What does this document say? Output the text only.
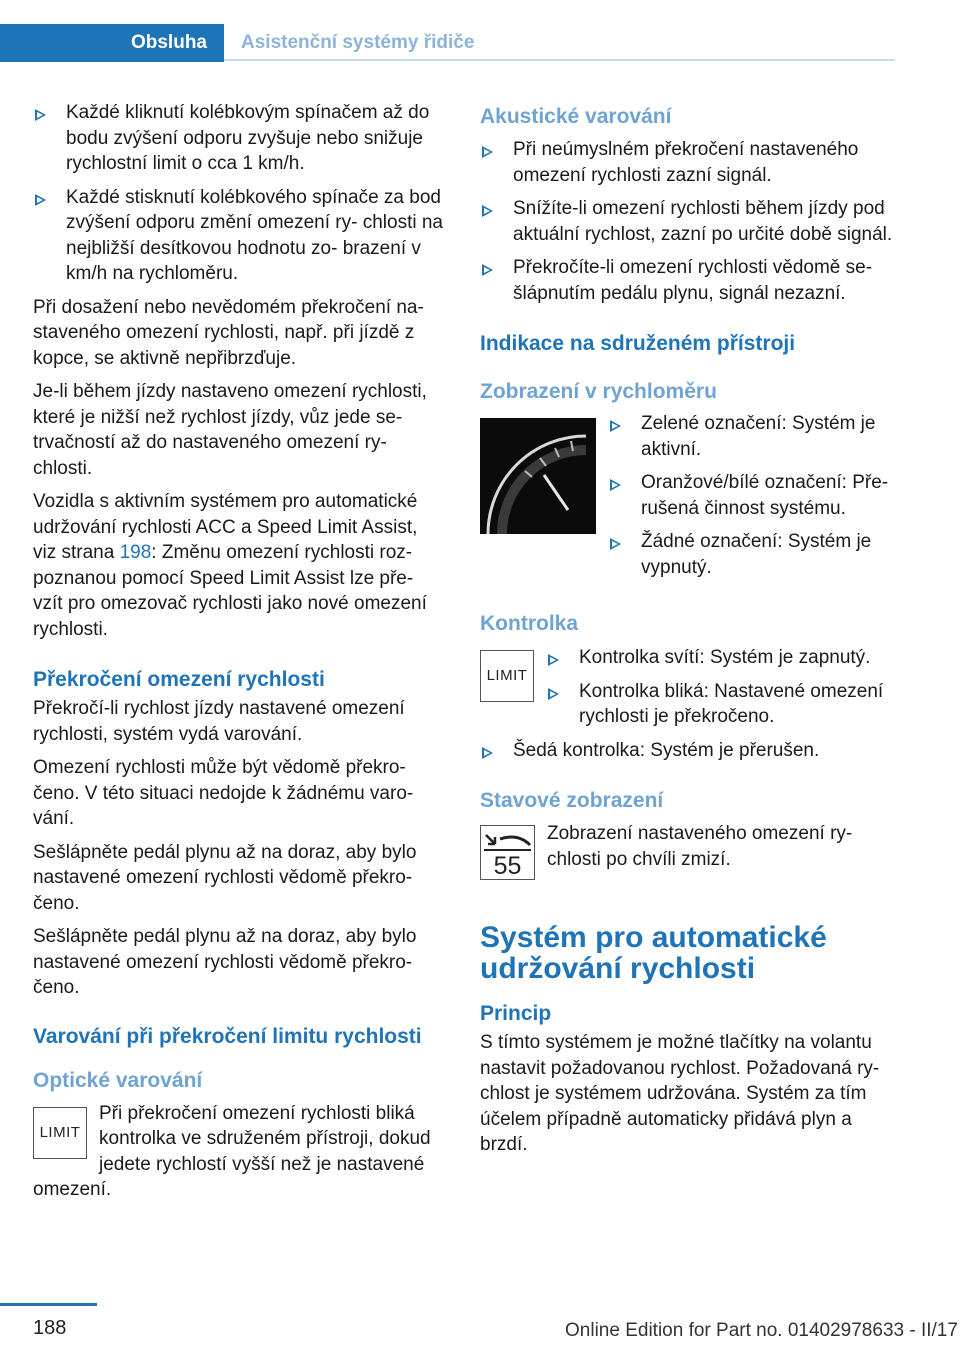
Obsluha Asistenční systémy řidiče
Každé kliknutí kolébkovým spínačem až do bodu zvýšení odporu zvyšuje nebo snižuje rychlostní limit o cca 1 km/h.
Každé stisknutí kolébkového spínače za bod zvýšení odporu změní omezení ry- chlosti na nejbližší desítkovou hodnotu zo- brazení v km/h na rychloměru.

Při dosažení nebo nevědomém překročení na- staveného omezení rychlosti, např. při jízdě z kopce, se aktivně nepřibrzďuje.

Je-li během jízdy nastaveno omezení rychlosti, které je nižší než rychlost jízdy, vůz jede se- trvačností až do nastaveného omezení ry- chlosti.

Vozidla s aktivním systémem pro automatické udržování rychlosti ACC a Speed Limit Assist, viz strana 198: Změnu omezení rychlosti roz- poznanou pomocí Speed Limit Assist lze pře- vzít pro omezovač rychlosti jako nové omezení rychlosti.

Překročení omezení rychlosti

Překročí-li rychlost jízdy nastavené omezení rychlosti, systém vydá varování.

Omezení rychlosti může být vědomě překro- čeno. V této situaci nedojde k žádnému varo- vání.

Sešlápněte pedál plynu až na doraz, aby bylo nastavené omezení rychlosti vědomě překro- čeno.

Sešlápněte pedál plynu až na doraz, aby bylo nastavené omezení rychlosti vědomě překro- čeno.

Varování při překročení limitu rychlosti
Optické varování
LIMIT
Při překročení omezení rychlosti bliká kontrolka ve sdruženém přístroji, dokud jedete rychlostí vyšší než je nastavené omezení.
Akustické varování
Při neúmyslném překročení nastaveného omezení rychlosti zazní signál.
Snížíte-li omezení rychlosti během jízdy pod aktuální rychlost, zazní po určité době signál.
Překročíte-li omezení rychlosti vědomě se- šlápnutím pedálu plynu, signál nezazní.
Indikace na sdruženém přístroji
Zobrazení v rychloměru
Zelené označení: Systém je aktivní.
Oranžové/bílé označení: Pře- rušená činnost systému.
Žádné označení: Systém je vypnutý.
Kontrolka
LIMIT
Kontrolka svítí: Systém je zapnutý.
Kontrolka bliká: Nastavené omezení rychlosti je překročeno.
Šedá kontrolka: Systém je přerušen.
Stavové zobrazení
55
Zobrazení nastaveného omezení ry- chlosti po chvíli zmizí.
Systém pro automatické udržování rychlosti
Princip

S tímto systémem je možné tlačítky na volantu nastavit požadovanou rychlost. Požadovaná ry- chlost je systémem udržována. Systém za tím účelem případně automaticky přidává plyn a brzdí.

188	Online Edition for Part no. 01402978633 - II/17
